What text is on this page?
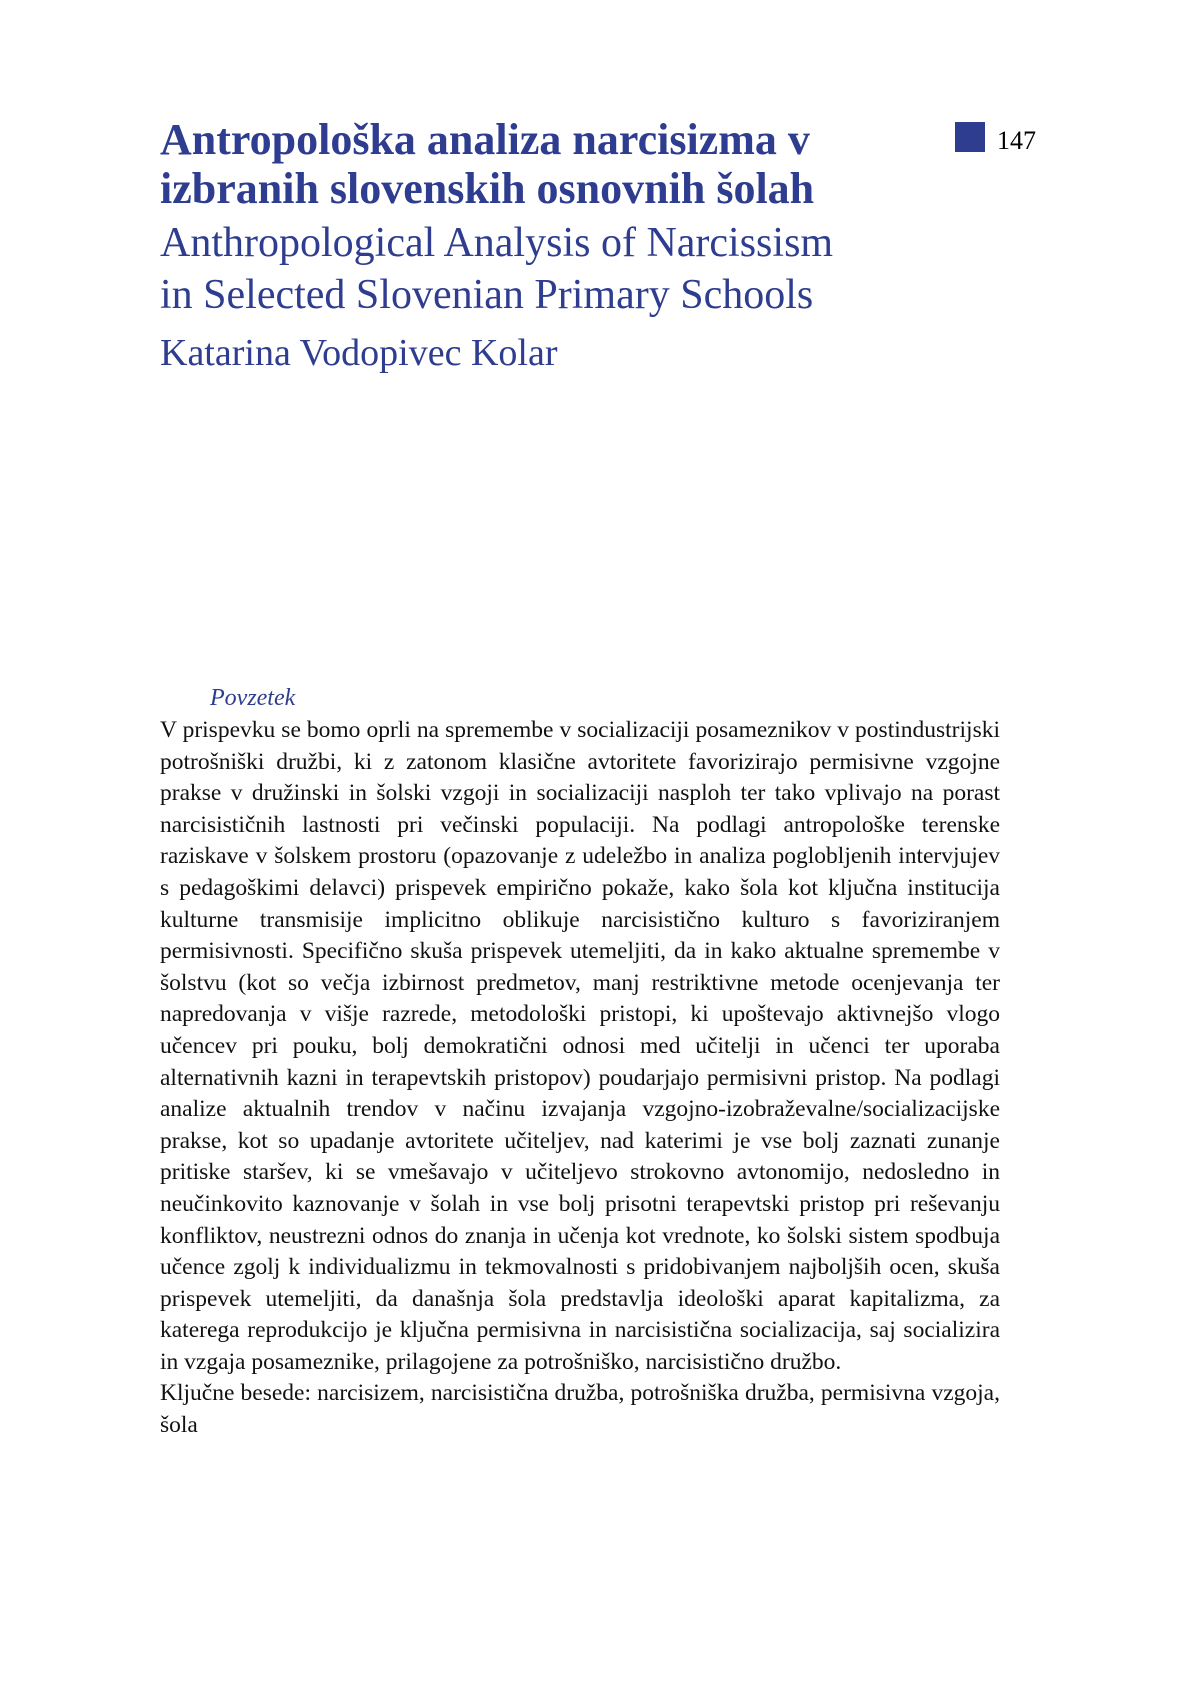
Antropološka analiza narcisizma v izbranih slovenskih osnovnih šolah
Anthropological Analysis of Narcissism in Selected Slovenian Primary Schools
Katarina Vodopivec Kolar
147
Povzetek

V prispevku se bomo oprli na spremembe v socializaciji posameznikov v postindustrijski potrošniški družbi, ki z zatonom klasične avtoritete favorizirajo permisivne vzgojne prakse v družinski in šolski vzgoji in socializaciji nasploh ter tako vplivajo na porast narcisističnih lastnosti pri večinski populaciji. Na podlagi antropološke terenske raziskave v šolskem prostoru (opazovanje z udeležbo in analiza poglobljenih intervjujev s pedagoškimi delavci) prispevek empirično pokaže, kako šola kot ključna institucija kulturne transmisije implicitno oblikuje narcisistično kulturo s favoriziranjem permisivnosti. Specifično skuša prispevek utemeljiti, da in kako aktualne spremembe v šolstvu (kot so večja izbirnost predmetov, manj restriktivne metode ocenjevanja ter napredovanja v višje razrede, metodološki pristopi, ki upoštevajo aktivnejšo vlogo učencev pri pouku, bolj demokratični odnosi med učitelji in učenci ter uporaba alternativnih kazni in terapevtskih pristopov) poudarjajo permisivni pristop. Na podlagi analize aktualnih trendov v načinu izvajanja vzgojno-izobraževalne/socializacijske prakse, kot so upadanje avtoritete učiteljev, nad katerimi je vse bolj zaznati zunanje pritiske staršev, ki se vmešavajo v učiteljevo strokovno avtonomijo, nedosledno in neučinkovito kaznovanje v šolah in vse bolj prisotni terapevtski pristop pri reševanju konfliktov, neustrezni odnos do znanja in učenja kot vrednote, ko šolski sistem spodbuja učence zgolj k individualizmu in tekmovalnosti s pridobivanjem najboljših ocen, skuša prispevek utemeljiti, da današnja šola predstavlja ideološki aparat kapitalizma, za katerega reprodukcijo je ključna permisivna in narcisistična socializacija, saj socializira in vzgaja posameznike, prilagojene za potrošniško, narcisistično družbo.

Ključne besede: narcisizem, narcisistična družba, potrošniška družba, permisivna vzgoja, šola
